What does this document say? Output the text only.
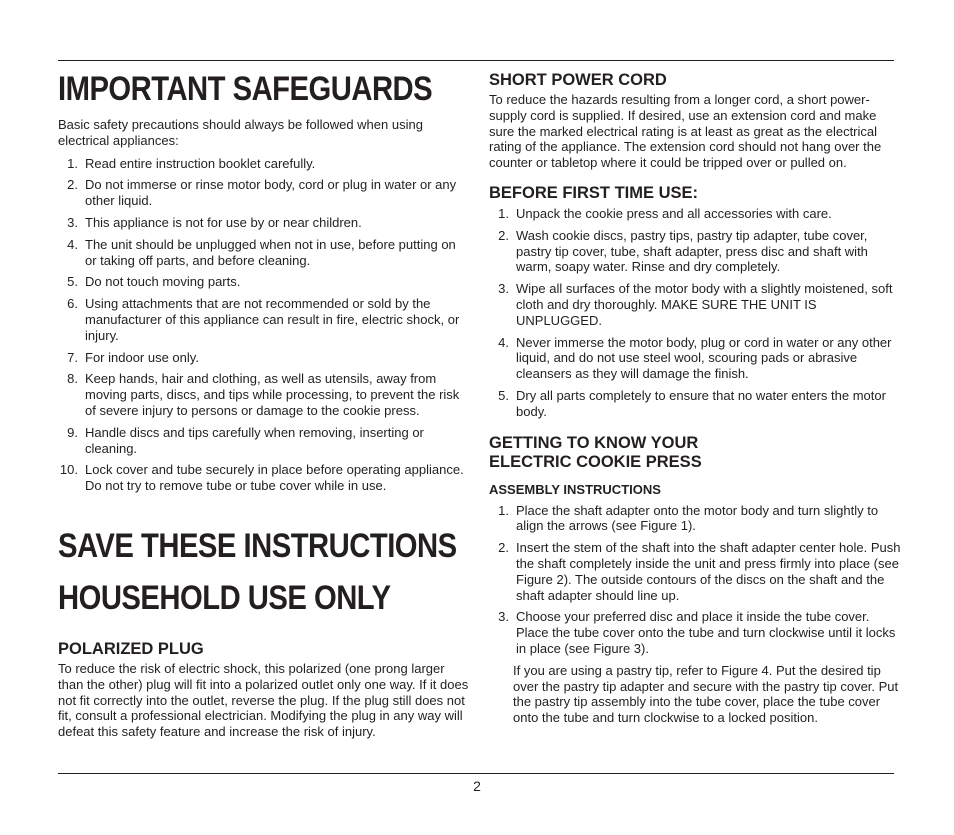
IMPORTANT SAFEGUARDS

Basic safety precautions should always be followed when using electrical appliances:

1. Read entire instruction booklet carefully.
2. Do not immerse or rinse motor body, cord or plug in water or any other liquid.
3. This appliance is not for use by or near children.
4. The unit should be unplugged when not in use, before putting on or taking off parts, and before cleaning.
5. Do not touch moving parts.
6. Using attachments that are not recommended or sold by the manufacturer of this appliance can result in fire, electric shock, or injury.
7. For indoor use only.
8. Keep hands, hair and clothing, as well as utensils, away from moving parts, discs, and tips while processing, to prevent the risk of severe injury to persons or damage to the cookie press.
9. Handle discs and tips carefully when removing, inserting or cleaning.
10. Lock cover and tube securely in place before operating appliance. Do not try to remove tube or tube cover while in use.
SAVE THESE INSTRUCTIONS
HOUSEHOLD USE ONLY
POLARIZED PLUG

To reduce the risk of electric shock, this polarized (one prong larger than the other) plug will fit into a polarized outlet only one way. If it does not fit correctly into the outlet, reverse the plug. If the plug still does not fit, consult a professional electrician. Modifying the plug in any way will defeat this safety feature and increase the risk of injury.

SHORT POWER CORD

To reduce the hazards resulting from a longer cord, a short power-supply cord is supplied. If desired, use an extension cord and make sure the marked electrical rating is at least as great as the electrical rating of the appliance. The extension cord should not hang over the counter or tabletop where it could be tripped over or pulled on.

BEFORE FIRST TIME USE:
1. Unpack the cookie press and all accessories with care.
2. Wash cookie discs, pastry tips, pastry tip adapter, tube cover, pastry tip cover, tube, shaft adapter, press disc and shaft with warm, soapy water. Rinse and dry completely.
3. Wipe all surfaces of the motor body with a slightly moistened, soft cloth and dry thoroughly. MAKE SURE THE UNIT IS UNPLUGGED.
4. Never immerse the motor body, plug or cord in water or any other liquid, and do not use steel wool, scouring pads or abrasive cleansers as they will damage the finish.
5. Dry all parts completely to ensure that no water enters the motor body.
GETTING TO KNOW YOUR
ELECTRIC COOKIE PRESS
ASSEMBLY INSTRUCTIONS
1. Place the shaft adapter onto the motor body and turn slightly to align the arrows (see Figure 1).
2. Insert the stem of the shaft into the shaft adapter center hole. Push the shaft completely inside the unit and press firmly into place (see Figure 2). The outside contours of the discs on the shaft and the shaft adapter should line up.
3. Choose your preferred disc and place it inside the tube cover. Place the tube cover onto the tube and turn clockwise until it locks in place (see Figure 3).

If you are using a pastry tip, refer to Figure 4. Put the desired tip over the pastry tip adapter and secure with the pastry tip cover. Put the pastry tip assembly into the tube cover, place the tube cover onto the tube and turn clockwise to a locked position.

2
